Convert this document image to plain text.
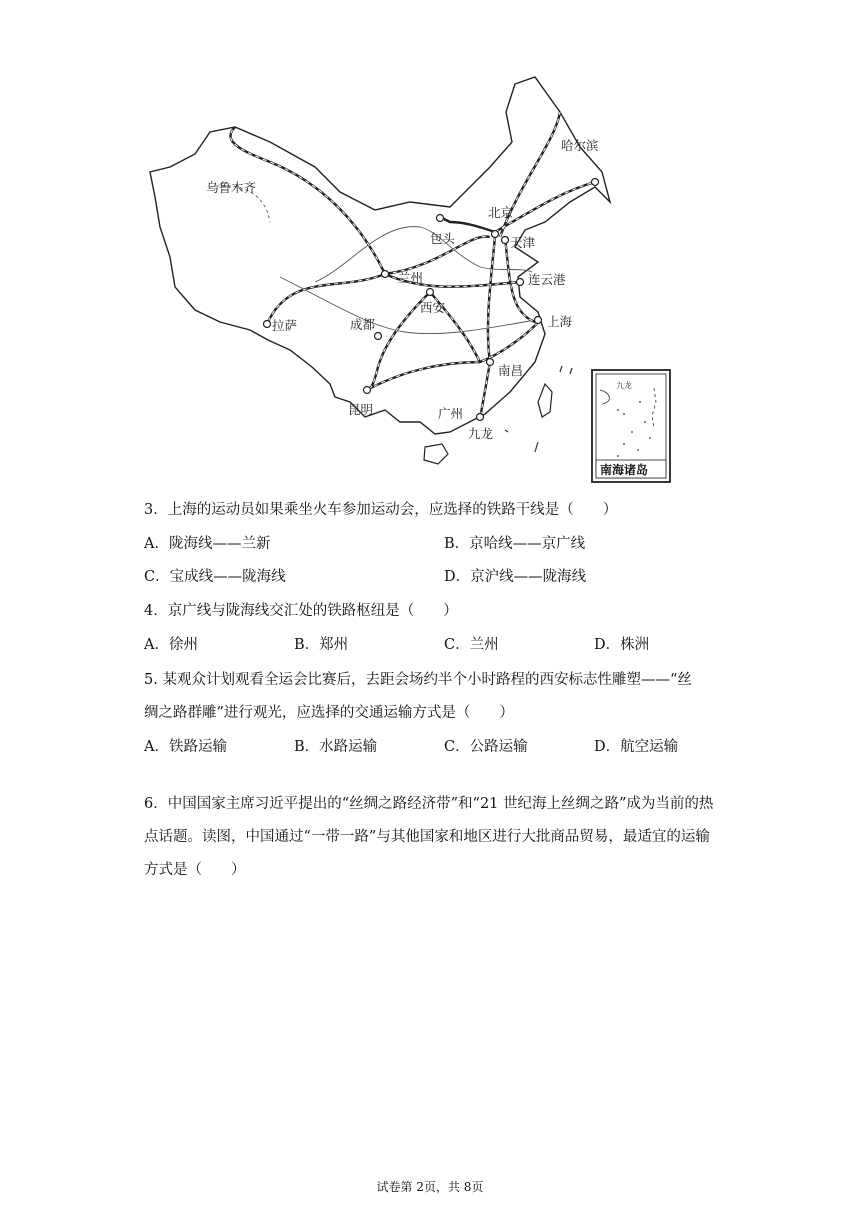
乌鲁木齐
哈尔滨
北京
天津
包头
兰州	连云港
西安
拉萨	成都	上海
南昌
昆明	广州
九龙
九龙
南海诸岛
3．上海的运动员如果乘坐火车参加运动会，应选择的铁路干线是（　　）
A．陇海线——兰新	B．京哈线——京广线
C．宝成线——陇海线	D．京沪线——陇海线
4．京广线与陇海线交汇处的铁路枢纽是（　　）
A．徐州	B．郑州	C．兰州	D．株洲
5. 某观众计划观看全运会比赛后，去距会场约半个小时路程的西安标志性雕塑——“丝
绸之路群雕”进行观光，应选择的交通运输方式是（　　）
A．铁路运输	B．水路运输	C．公路运输	D．航空运输
6．中国国家主席习近平提出的“丝绸之路经济带”和“21 世纪海上丝绸之路”成为当前的热点话题。读图，中国通过“一带一路”与其他国家和地区进行大批商品贸易，最适宜的运输方式是（　　）
试卷第 2页，共 8页
